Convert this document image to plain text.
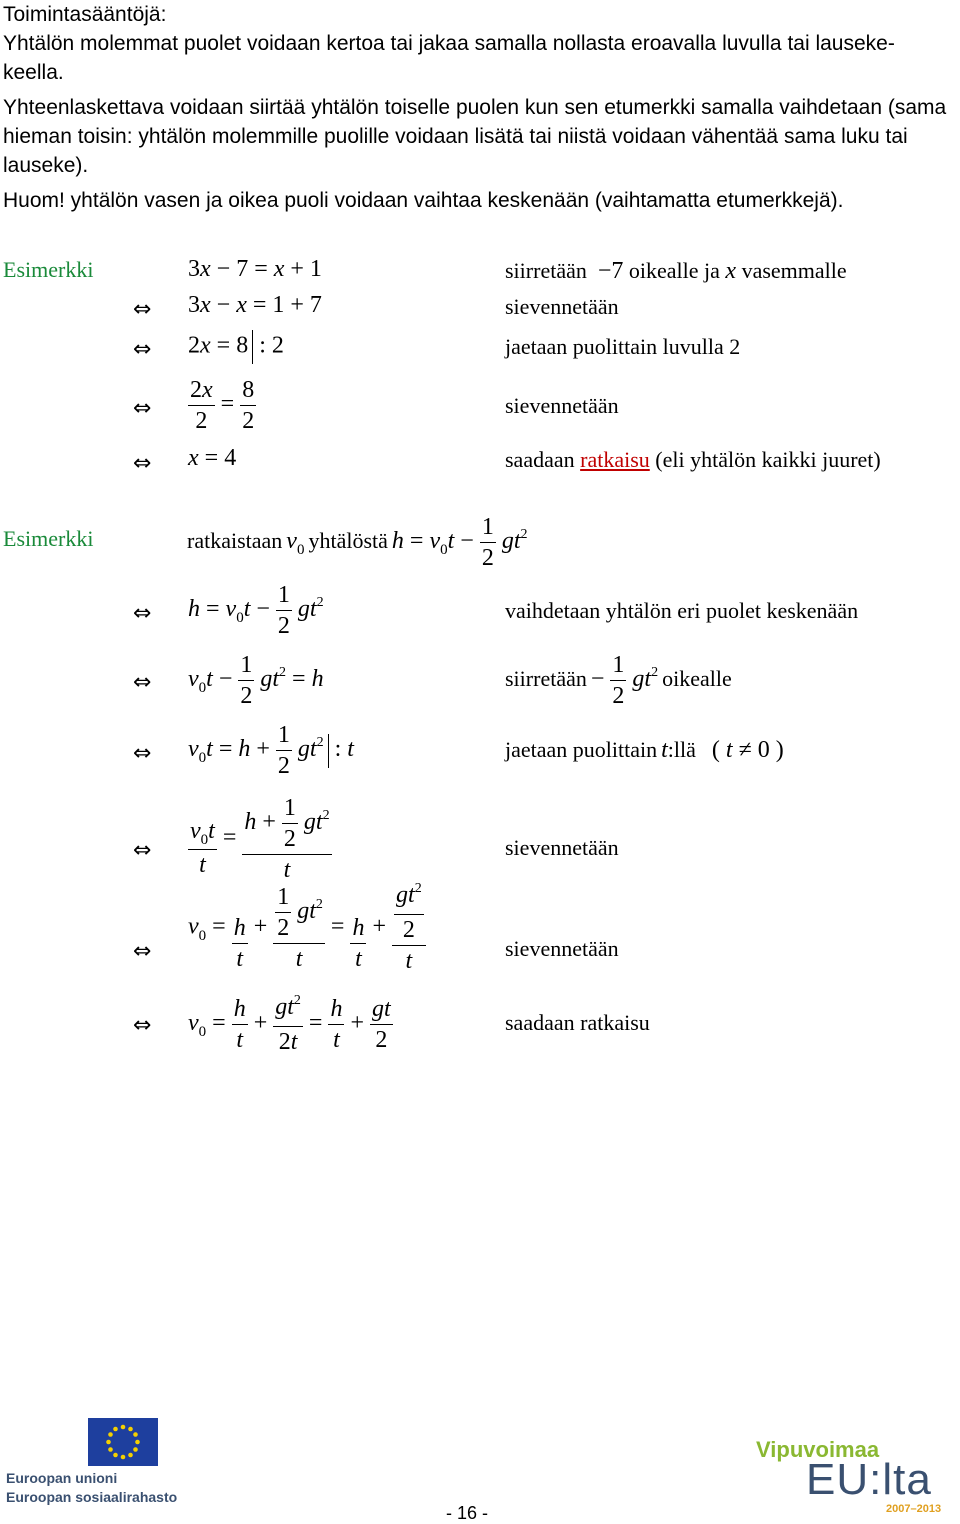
Toimintasääntöjä:

Yhtälön molemmat puolet voidaan kertoa tai jakaa samalla nollasta eroavalla luvulla tai lauseke-
keella.

Yhteenlaskettava voidaan siirtää yhtälön toiselle puolen kun sen etumerkki samalla vaihdetaan (sama hieman toisin: yhtälön molemmille puolille voidaan lisätä tai niistä voidaan vähentää sama luku tai lauseke).

Huom! yhtälön vasen ja oikea puoli voidaan vaihtaa keskenään (vaihtamatta etumerkkejä).

Esimerkki	3x − 7 = x + 1	siirretään −7 oikealle ja x vasemmalle
⇔ 3x − x = 1 + 7	sievennetään
⇔ 2x = 8 : 2	jaetaan puolittain luvulla 2
⇔ $\frac{2x}{2} = \frac{8}{2}$	sievennetään
⇔ x = 4	saadaan ratkaisu (eli yhtälön kaikki juuret)
Esimerkki	ratkaistaan $v_0$ yhtälöstä $h = v_0t - \frac{1}{2} gt^2$
⇔ $h = v_0t - \frac{1}{2} gt^2$	vaihdetaan yhtälön eri puolet keskenään
⇔ $v_0t - \frac{1}{2} gt^2 = h$	siirretään − $\frac{1}{2} gt^2$ oikealle
⇔ $v_0t = h + \frac{1}{2} gt^2$ : t	jaetaan puolittain t:llä   ( t ≠ 0 )
⇔ $\frac{v_0t}{t} = \frac{h + \frac{1}{2} gt^2}{t}$	sievennetään
⇔
$v_0 = \frac{h}{t} + \frac{\frac{1}{2} gt^2}{t} = \frac{h}{t} + \frac{\frac{gt^2}{2}}{t}$	sievennetään
⇔ $v_0 = \frac{h}{t} + \frac{gt^2}{2t} = \frac{h}{t} + \frac{gt}{2}$	saadaan ratkaisu
Euroopan unioni
Euroopan sosiaalirahasto
- 16 -
Vipuvoimaa
EU:lta
2007–2013
